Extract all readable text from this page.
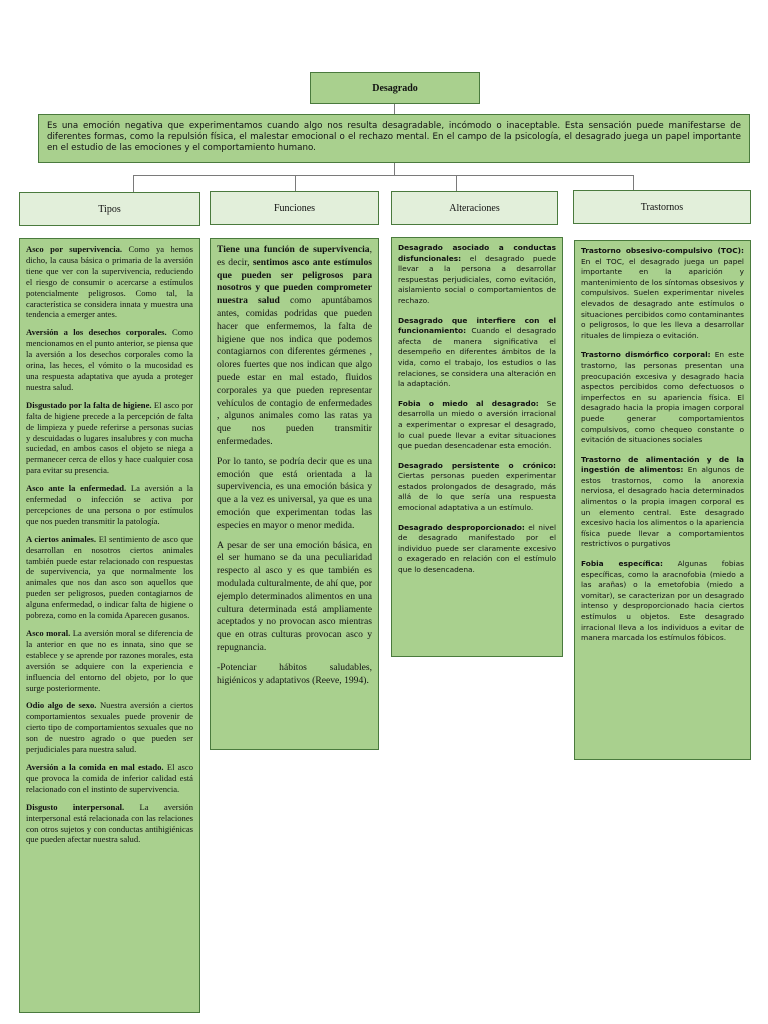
Desagrado
Es una emoción negativa que experimentamos cuando algo nos resulta desagradable, incómodo o inaceptable. Esta sensación puede manifestarse de diferentes formas, como la repulsión física, el malestar emocional o el rechazo mental. En el campo de la psicología, el desagrado juega un papel importante en el estudio de las emociones y el comportamiento humano.
Tipos	Funciones	Alteraciones	Trastornos

Asco por supervivencia. Como ya hemos dicho, la causa básica o primaria de la aversión tiene que ver con la supervivencia, reduciendo el riesgo de consumir o acercarse a estímulos potencialmente peligrosos. Como tal, la característica se considera innata y muestra una tendencia a emerger antes.

Aversión a los desechos corporales. Como mencionamos en el punto anterior, se piensa que la aversión a los desechos corporales como la orina, las heces, el vómito o la mucosidad es una respuesta adaptativa que ayuda a proteger nuestra salud.

Disgustado por la falta de higiene. El asco por falta de higiene precede a la percepción de falta de limpieza y puede referirse a personas sucias y descuidadas o lugares insalubres y con mucha suciedad, en ambos casos el objeto se niega a permanecer cerca de ellos y hace cualquier cosa para evitar su presencia.

Asco ante la enfermedad. La aversión a la enfermedad o infección se activa por percepciones de una persona o por estímulos que nos pueden transmitir la patología.

A ciertos animales. El sentimiento de asco que desarrollan en nosotros ciertos animales también puede estar relacionado con respuestas de supervivencia, ya que normalmente los animales que nos dan asco son aquellos que pueden ser peligrosos, pueden contagiarnos de alguna enfermedad, o indicar falta de higiene o pobreza, como en la comida Aparecen gusanos.

Asco moral. La aversión moral se diferencia de la anterior en que no es innata, sino que se establece y se aprende por razones morales, esta aversión se adquiere con la experiencia e influencia del entorno del objeto, por lo que surge posteriormente.

Odio algo de sexo. Nuestra aversión a ciertos comportamientos sexuales puede provenir de cierto tipo de comportamientos sexuales que no son de nuestro agrado o que pueden ser perjudiciales para nuestra salud.

Aversión a la comida en mal estado. El asco que provoca la comida de inferior calidad está relacionado con el instinto de supervivencia.

Disgusto interpersonal. La aversión interpersonal está relacionada con las relaciones con otros sujetos y con conductas antihigiénicas que pueden afectar nuestra salud.

Tiene una función de supervivencia, es decir, sentimos asco ante estímulos que pueden ser peligrosos para nosotros y que pueden comprometer nuestra salud como apuntábamos antes, comidas podridas que pueden hacer que enfermemos, la falta de higiene que nos indica que podemos contagiarnos con diferentes gérmenes , olores fuertes que nos indican que algo puede estar en mal estado, fluidos corporales ya que pueden representar vehículos de contagio de enfermedades , algunos animales como las ratas ya que nos pueden transmitir enfermedades.

Por lo tanto, se podría decir que es una emoción que está orientada a la supervivencia, es una emoción básica y que a la vez es universal, ya que es una emoción que experimentan todas las especies en mayor o menor medida.

A pesar de ser una emoción básica, en el ser humano se da una peculiaridad respecto al asco y es que también es modulada culturalmente, de ahí que, por ejemplo determinados alimentos en una cultura determinada está ampliamente aceptados y no provocan asco mientras que en otras culturas provocan asco y repugnancia.

-Potenciar hábitos saludables, higiénicos y adaptativos (Reeve, 1994).

Desagrado asociado a conductas disfuncionales: el desagrado puede llevar a la persona a desarrollar respuestas perjudiciales, como evitación, aislamiento social o comportamientos de rechazo.

Desagrado que interfiere con el funcionamiento: Cuando el desagrado afecta de manera significativa el desempeño en diferentes ámbitos de la vida, como el trabajo, los estudios o las relaciones, se considera una alteración en la adaptación.

Fobia o miedo al desagrado: Se desarrolla un miedo o aversión irracional a experimentar o expresar el desagrado, lo cual puede llevar a evitar situaciones que puedan desencadenar esta emoción.

Desagrado persistente o crónico: Ciertas personas pueden experimentar estados prolongados de desagrado, más allá de lo que sería una respuesta emocional adaptativa a un estímulo.

Desagrado desproporcionado: el nivel de desagrado manifestado por el individuo puede ser claramente excesivo o exagerado en relación con el estímulo que lo desencadena.

Trastorno obsesivo-compulsivo (TOC): En el TOC, el desagrado juega un papel importante en la aparición y mantenimiento de los síntomas obsesivos y compulsivos. Suelen experimentar niveles elevados de desagrado ante estímulos o situaciones percibidos como contaminantes o peligrosos, lo que les lleva a desarrollar rituales de limpieza o evitación.

Trastorno dismórfico corporal: En este trastorno, las personas presentan una preocupación excesiva y desagrado hacia aspectos percibidos como defectuosos o imperfectos en su apariencia física. El desagrado hacia la propia imagen corporal puede generar comportamientos compulsivos, como chequeo constante o evitación de situaciones sociales

Trastorno de alimentación y de la ingestión de alimentos: En algunos de estos trastornos, como la anorexia nerviosa, el desagrado hacia determinados alimentos o la propia imagen corporal es un elemento central. Este desagrado excesivo hacia los alimentos o la apariencia física puede llevar a comportamientos restrictivos o purgativos

Fobia específica: Algunas fobias específicas, como la aracnofobia (miedo a las arañas) o la emetofobia (miedo a vomitar), se caracterizan por un desagrado intenso y desproporcionado hacia ciertos estímulos u objetos. Este desagrado irracional lleva a los individuos a evitar de manera marcada los estímulos fóbicos.
